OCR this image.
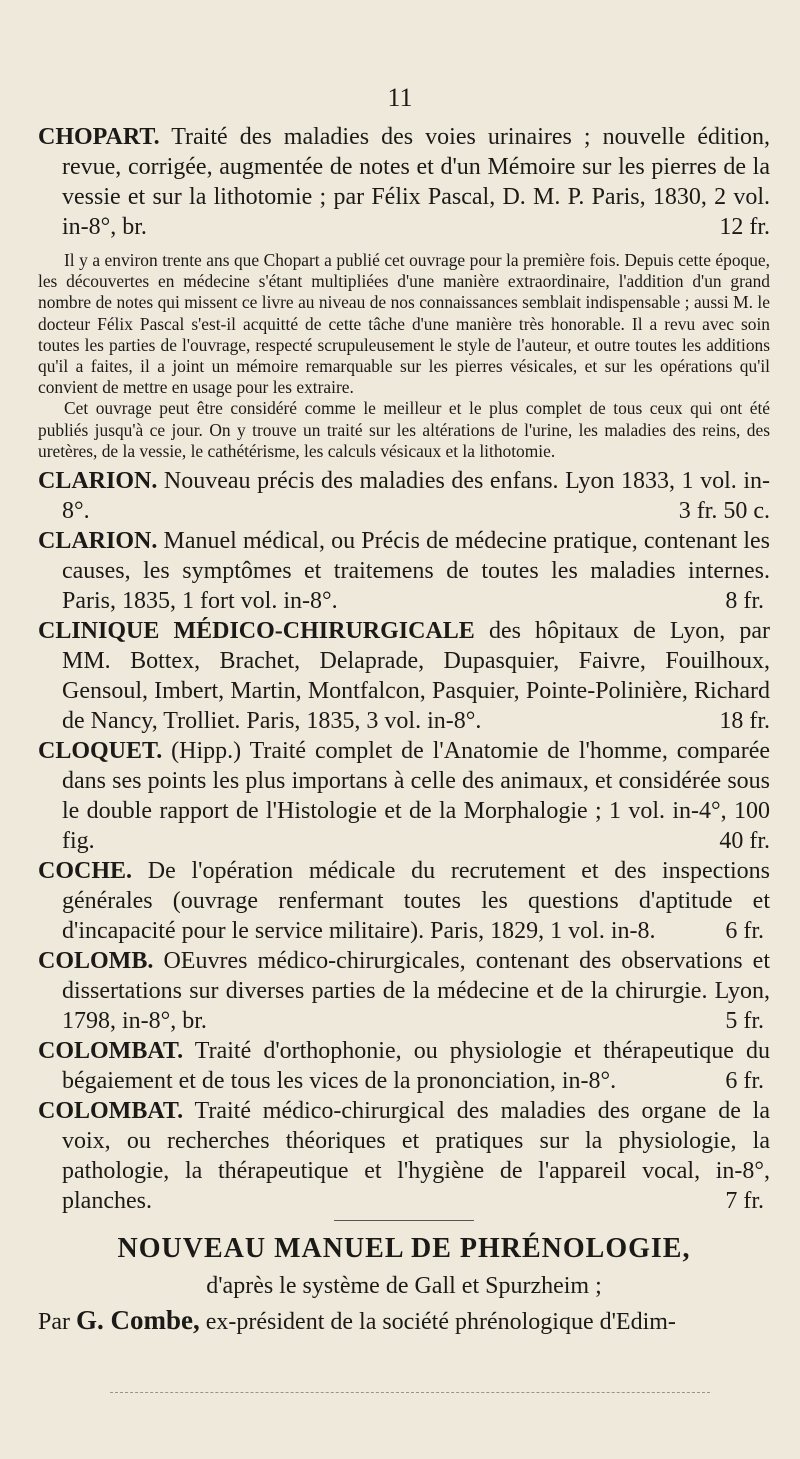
11

CHOPART. Traité des maladies des voies urinaires ; nouvelle édition, revue, corrigée, augmentée de notes et d'un Mémoire sur les pierres de la vessie et sur la lithotomie ; par Félix Pascal, D. M. P. Paris, 1830, 2 vol. in-8°, br.	12 fr.

Il y a environ trente ans que Chopart a publié cet ouvrage pour la première fois. Depuis cette époque, les découvertes en médecine s'étant multipliées d'une manière extraordinaire, l'addition d'un grand nombre de notes qui missent ce livre au niveau de nos connaissances semblait indispensable ; aussi M. le docteur Félix Pascal s'est-il acquitté de cette tâche d'une manière très honorable. Il a revu avec soin toutes les parties de l'ouvrage, respecté scrupuleusement le style de l'auteur, et outre toutes les additions qu'il a faites, il a joint un mémoire remarquable sur les pierres vésicales, et sur les opérations qu'il convient de mettre en usage pour les extraire.

Cet ouvrage peut être considéré comme le meilleur et le plus complet de tous ceux qui ont été publiés jusqu'à ce jour. On y trouve un traité sur les altérations de l'urine, les maladies des reins, des uretères, de la vessie, le cathétérisme, les calculs vésicaux et la lithotomie.

CLARION. Nouveau précis des maladies des enfans. Lyon 1833, 1 vol. in-8°.	3 fr. 50 c.

CLARION. Manuel médical, ou Précis de médecine pratique, contenant les causes, les symptômes et traitemens de toutes les maladies internes. Paris, 1835, 1 fort vol. in-8°.	8 fr.

CLINIQUE MÉDICO-CHIRURGICALE des hôpitaux de Lyon, par MM. Bottex, Brachet, Delaprade, Dupasquier, Faivre, Fouilhoux, Gensoul, Imbert, Martin, Montfalcon, Pasquier, Pointe-Polinière, Richard de Nancy, Trolliet. Paris, 1835, 3 vol. in-8°.	18 fr.

CLOQUET. (Hipp.) Traité complet de l'Anatomie de l'homme, comparée dans ses points les plus importans à celle des animaux, et considérée sous le double rapport de l'Histologie et de la Morphalogie ; 1 vol. in-4°, 100 fig.	40 fr.

COCHE. De l'opération médicale du recrutement et des inspections générales (ouvrage renfermant toutes les questions d'aptitude et d'incapacité pour le service militaire). Paris, 1829, 1 vol. in-8.	6 fr.

COLOMB. OEuvres médico-chirurgicales, contenant des observations et dissertations sur diverses parties de la médecine et de la chirurgie. Lyon, 1798, in-8°, br.	5 fr.

COLOMBAT. Traité d'orthophonie, ou physiologie et thérapeutique du bégaiement et de tous les vices de la prononciation, in-8°.	6 fr.

COLOMBAT. Traité médico-chirurgical des maladies des organe de la voix, ou recherches théoriques et pratiques sur la physiologie, la pathologie, la thérapeutique et l'hygiène de l'appareil vocal, in-8°, planches.	7 fr.

NOUVEAU MANUEL DE PHRÉNOLOGIE,

d'après le système de Gall et Spurzheim ;

Par G. Combe, ex-président de la société phrénologique d'Edim-
